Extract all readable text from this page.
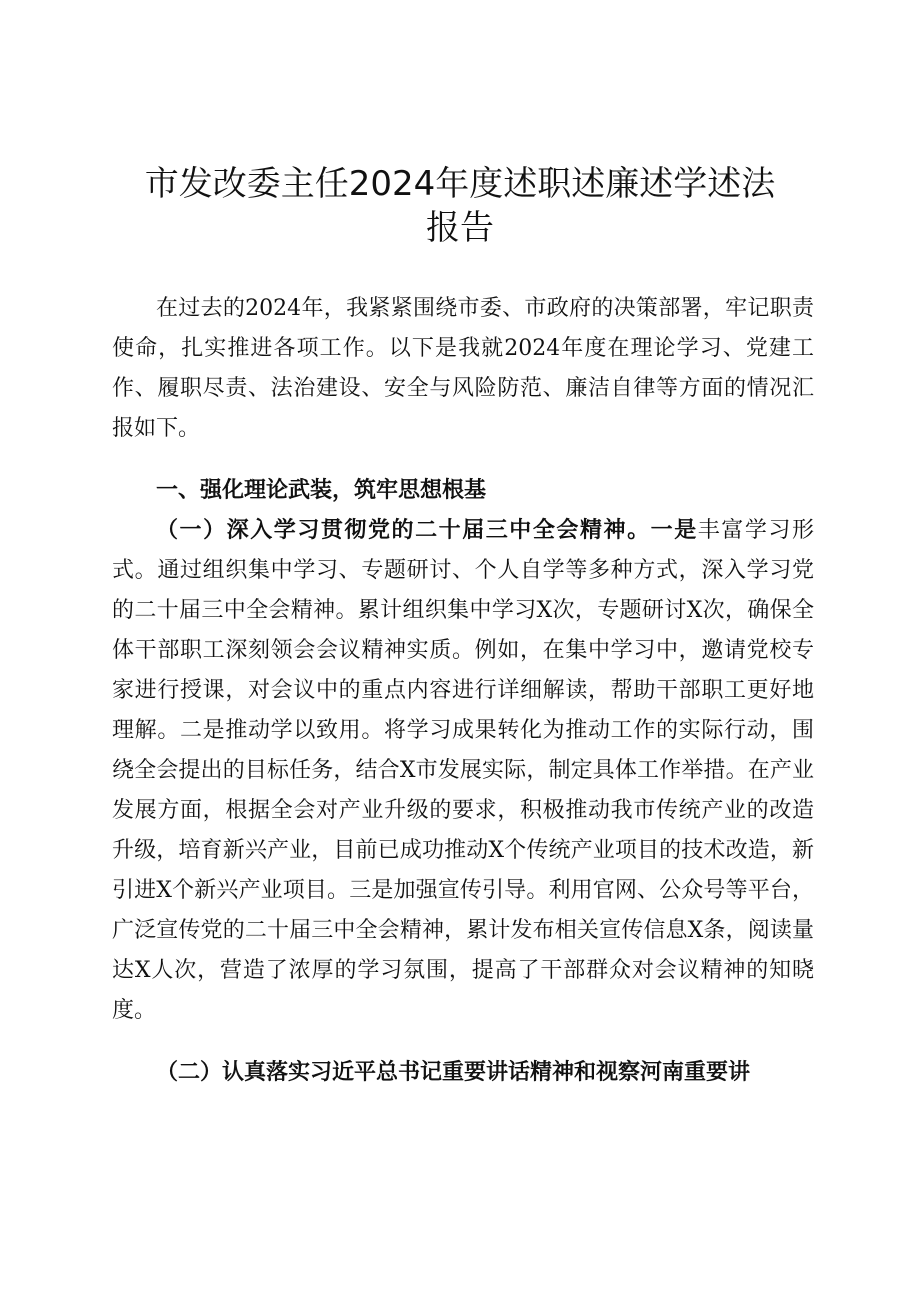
市发改委主任2024年度述职述廉述学述法报告

在过去的2024年，我紧紧围绕市委、市政府的决策部署，牢记职责使命，扎实推进各项工作。以下是我就2024年度在理论学习、党建工作、履职尽责、法治建设、安全与风险防范、廉洁自律等方面的情况汇报如下。

一、强化理论武装，筑牢思想根基

（一）深入学习贯彻党的二十届三中全会精神。一是丰富学习形式。通过组织集中学习、专题研讨、个人自学等多种方式，深入学习党的二十届三中全会精神。累计组织集中学习X次，专题研讨X次，确保全体干部职工深刻领会会议精神实质。例如，在集中学习中，邀请党校专家进行授课，对会议中的重点内容进行详细解读，帮助干部职工更好地理解。二是推动学以致用。将学习成果转化为推动工作的实际行动，围绕全会提出的目标任务，结合X市发展实际，制定具体工作举措。在产业发展方面，根据全会对产业升级的要求，积极推动我市传统产业的改造升级，培育新兴产业，目前已成功推动X个传统产业项目的技术改造，新引进X个新兴产业项目。三是加强宣传引导。利用官网、公众号等平台，广泛宣传党的二十届三中全会精神，累计发布相关宣传信息X条，阅读量达X人次，营造了浓厚的学习氛围，提高了干部群众对会议精神的知晓度。

（二）认真落实习近平总书记重要讲话精神和视察河南重要讲
